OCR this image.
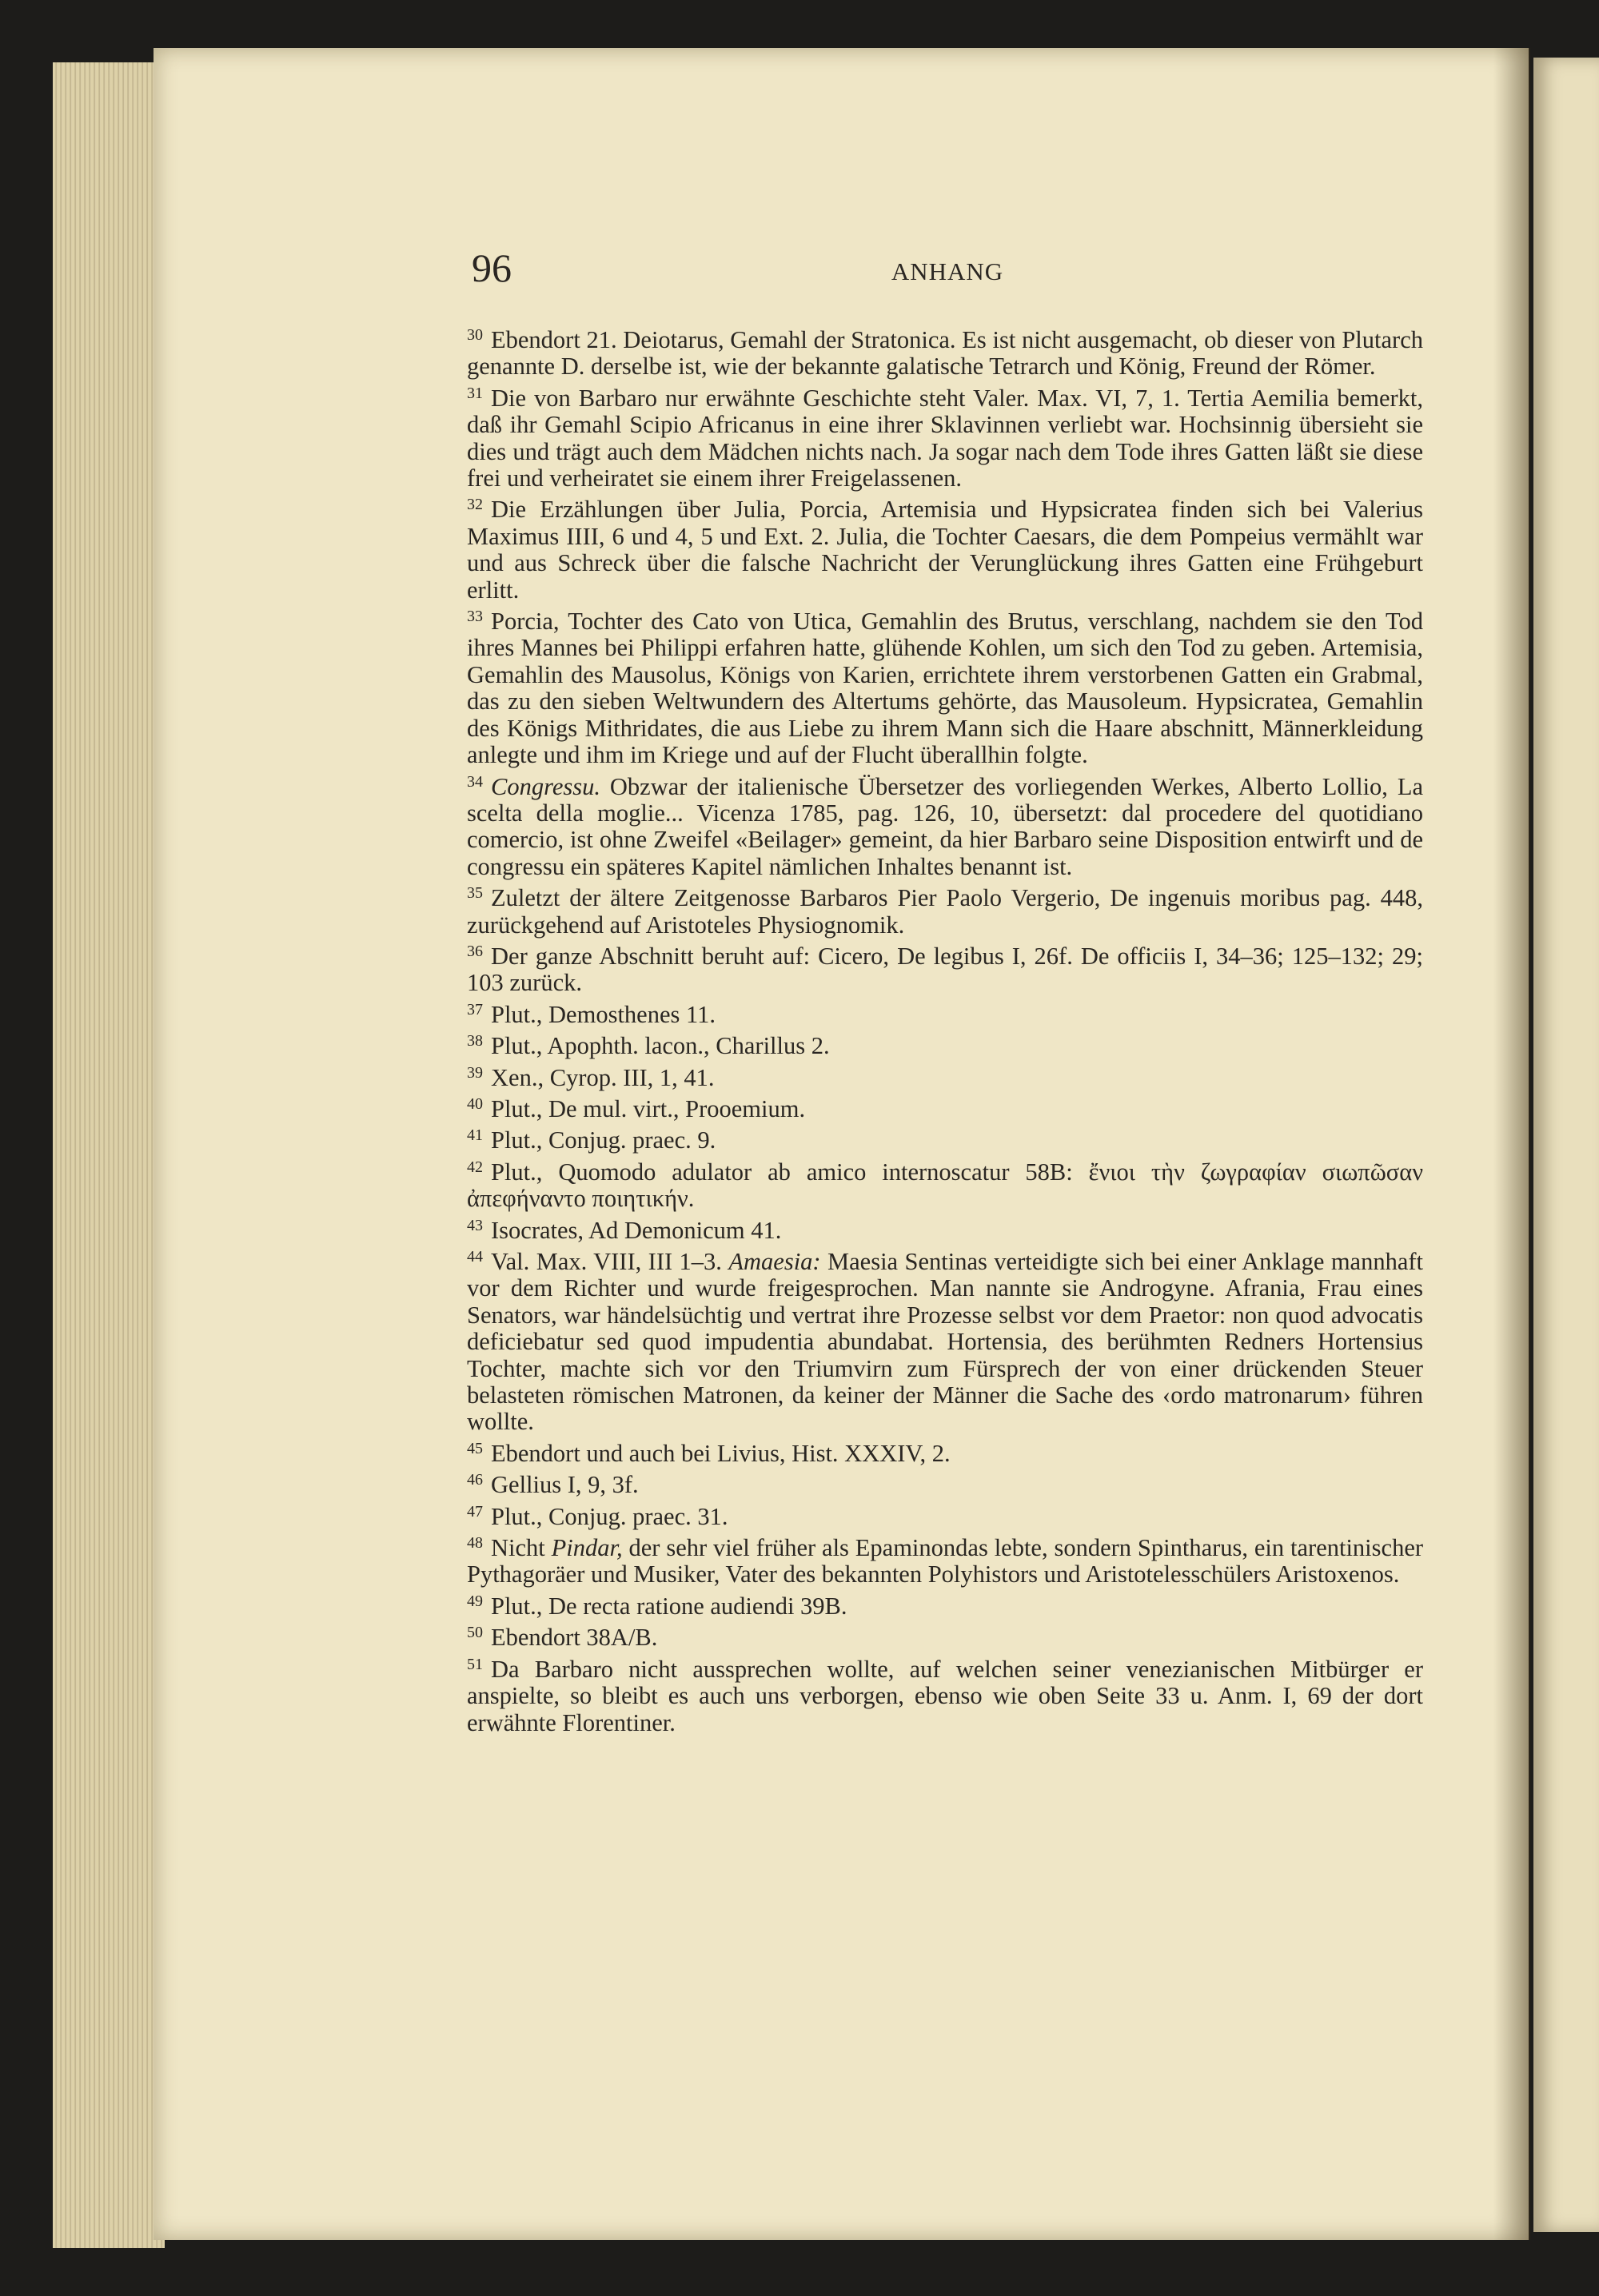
96	ANHANG

$^{30}$ Ebendort 21. Deiotarus, Gemahl der Stratonica. Es ist nicht ausgemacht, ob dieser von Plutarch genannte D. derselbe ist, wie der bekannte galatische Tetrarch und König, Freund der Römer.

$^{31}$ Die von Barbaro nur erwähnte Geschichte steht Valer. Max. VI, 7, 1. Tertia Aemilia bemerkt, daß ihr Gemahl Scipio Africanus in eine ihrer Sklavinnen verliebt war. Hochsinnig übersieht sie dies und trägt auch dem Mädchen nichts nach. Ja sogar nach dem Tode ihres Gatten läßt sie diese frei und verheiratet sie einem ihrer Freigelassenen.

$^{32}$ Die Erzählungen über Julia, Porcia, Artemisia und Hypsicratea finden sich bei Valerius Maximus IIII, 6 und 4, 5 und Ext. 2. Julia, die Tochter Caesars, die dem Pompeius vermählt war und aus Schreck über die falsche Nachricht der Verunglückung ihres Gatten eine Frühgeburt erlitt.

$^{33}$ Porcia, Tochter des Cato von Utica, Gemahlin des Brutus, verschlang, nachdem sie den Tod ihres Mannes bei Philippi erfahren hatte, glühende Kohlen, um sich den Tod zu geben. Artemisia, Gemahlin des Mausolus, Königs von Karien, errichtete ihrem verstorbenen Gatten ein Grabmal, das zu den sieben Weltwundern des Altertums gehörte, das Mausoleum. Hypsicratea, Gemahlin des Königs Mithridates, die aus Liebe zu ihrem Mann sich die Haare abschnitt, Männerkleidung anlegte und ihm im Kriege und auf der Flucht überallhin folgte.

$^{34}$ Congressu. Obzwar der italienische Übersetzer des vorliegenden Werkes, Alberto Lollio, La scelta della moglie... Vicenza 1785, pag. 126, 10, übersetzt: dal procedere del quotidiano comercio, ist ohne Zweifel «Beilager» gemeint, da hier Barbaro seine Disposition entwirft und de congressu ein späteres Kapitel nämlichen Inhaltes benannt ist.

$^{35}$ Zuletzt der ältere Zeitgenosse Barbaros Pier Paolo Vergerio, De ingenuis moribus pag. 448, zurückgehend auf Aristoteles Physiognomik.

$^{36}$ Der ganze Abschnitt beruht auf: Cicero, De legibus I, 26f. De officiis I, 34–36; 125–132; 29; 103 zurück.

$^{37}$ Plut., Demosthenes 11.

$^{38}$ Plut., Apophth. lacon., Charillus 2.

$^{39}$ Xen., Cyrop. III, 1, 41.

$^{40}$ Plut., De mul. virt., Prooemium.

$^{41}$ Plut., Conjug. praec. 9.

$^{42}$ Plut., Quomodo adulator ab amico internoscatur 58B: ἔνιοι τὴν ζωγραφίαν σιωπῶσαν ἀπεφήναντο ποιητικήν.

$^{43}$ Isocrates, Ad Demonicum 41.

$^{44}$ Val. Max. VIII, III 1–3. Amaesia: Maesia Sentinas verteidigte sich bei einer Anklage mannhaft vor dem Richter und wurde freigesprochen. Man nannte sie Androgyne. Afrania, Frau eines Senators, war händelsüchtig und vertrat ihre Prozesse selbst vor dem Praetor: non quod advocatis deficiebatur sed quod impudentia abundabat. Hortensia, des berühmten Redners Hortensius Tochter, machte sich vor den Triumvirn zum Fürsprech der von einer drückenden Steuer belasteten römischen Matronen, da keiner der Männer die Sache des ‹ordo matronarum› führen wollte.

$^{45}$ Ebendort und auch bei Livius, Hist. XXXIV, 2.

$^{46}$ Gellius I, 9, 3f.

$^{47}$ Plut., Conjug. praec. 31.

$^{48}$ Nicht Pindar, der sehr viel früher als Epaminondas lebte, sondern Spintharus, ein tarentinischer Pythagoräer und Musiker, Vater des bekannten Polyhistors und Aristotelesschülers Aristoxenos.

$^{49}$ Plut., De recta ratione audiendi 39B.

$^{50}$ Ebendort 38A/B.

$^{51}$ Da Barbaro nicht aussprechen wollte, auf welchen seiner venezianischen Mitbürger er anspielte, so bleibt es auch uns verborgen, ebenso wie oben Seite 33 u. Anm. I, 69 der dort erwähnte Florentiner.
